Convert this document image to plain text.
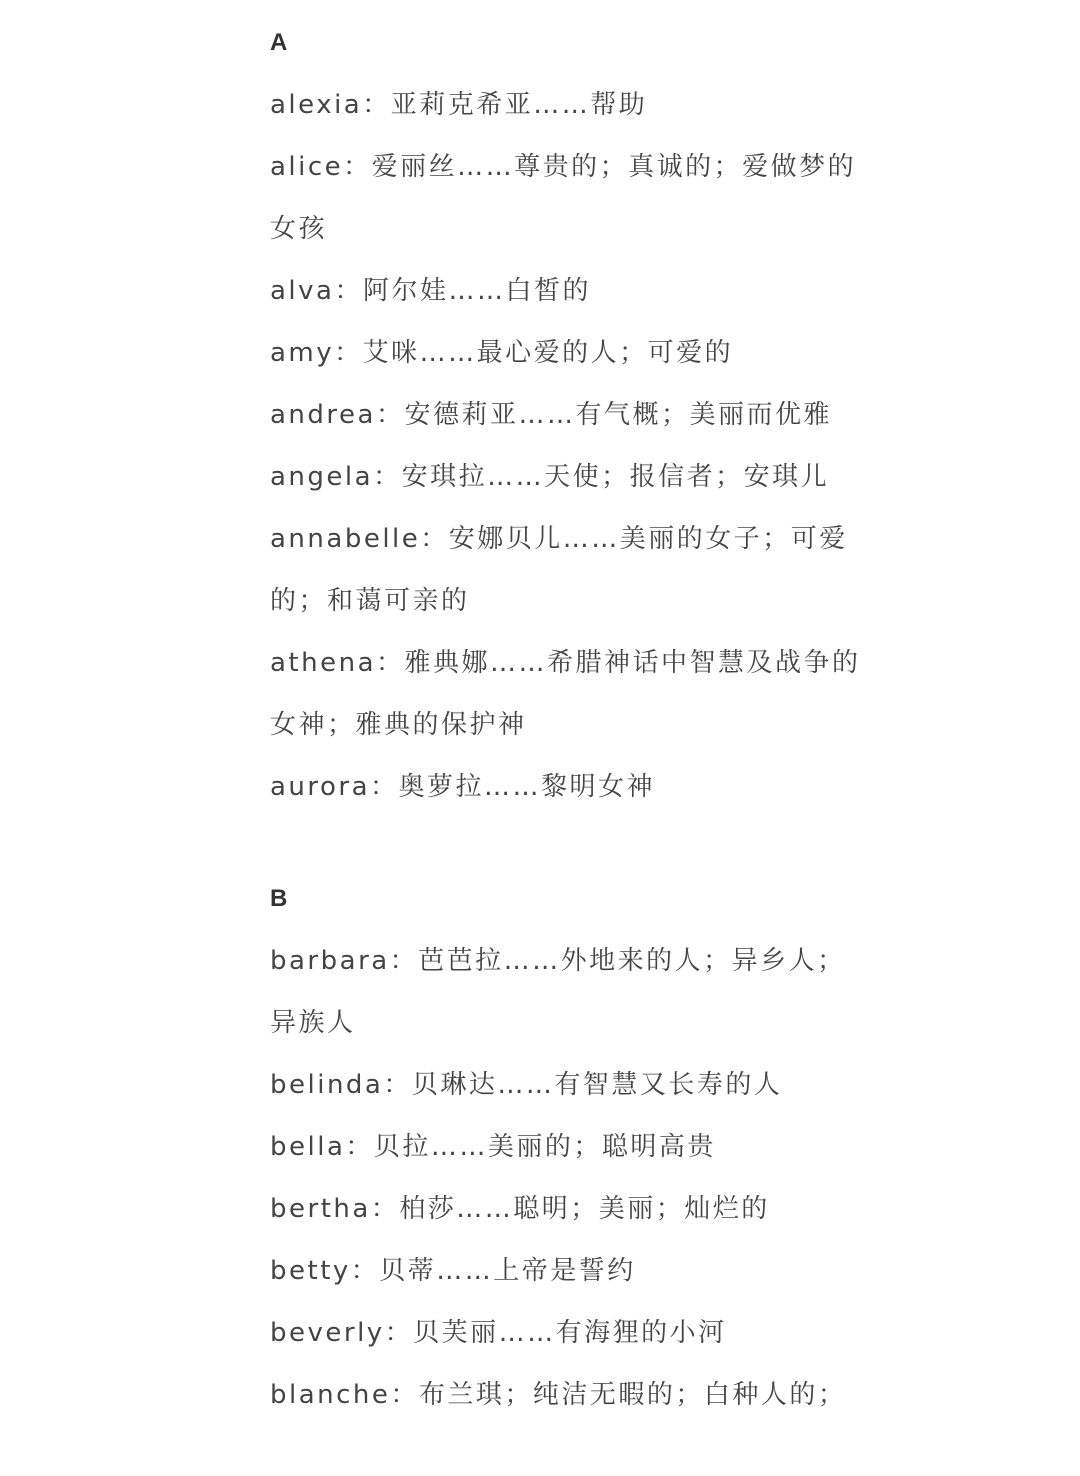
A
alexia：亚莉克希亚……帮助
alice：爱丽丝……尊贵的；真诚的；爱做梦的
女孩
alva：阿尔娃……白皙的
amy：艾咪……最心爱的人；可爱的
andrea：安德莉亚……有气概；美丽而优雅
angela：安琪拉……天使；报信者；安琪儿
annabelle：安娜贝儿……美丽的女子；可爱
的；和蔼可亲的
athena：雅典娜……希腊神话中智慧及战争的
女神；雅典的保护神
aurora：奥萝拉……黎明女神
B
barbara：芭芭拉……外地来的人；异乡人；
异族人
belinda：贝琳达……有智慧又长寿的人
bella：贝拉……美丽的；聪明高贵
bertha：柏莎……聪明；美丽；灿烂的
betty：贝蒂……上帝是誓约
beverly：贝芙丽……有海狸的小河
blanche：布兰琪；纯洁无暇的；白种人的；
